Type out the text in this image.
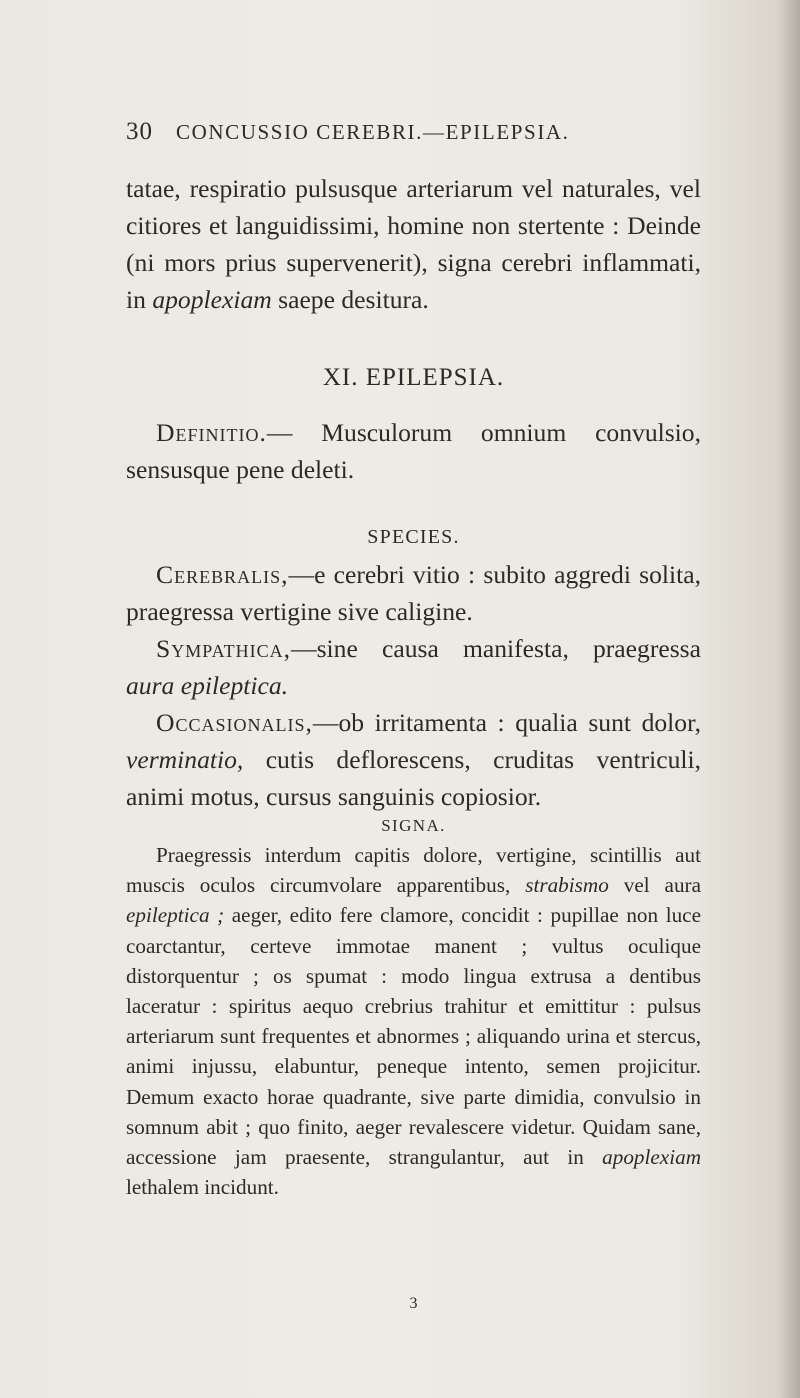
30 CONCUSSIO CEREBRI.—EPILEPSIA.

tatae, respiratio pulsusque arteriarum vel naturales, vel citiores et languidissimi, homine non stertente : Deinde (ni mors prius supervenerit), signa cerebri inflammati, in apoplexiam saepe desitura.

XI. EPILEPSIA.

Definitio.— Musculorum omnium convulsio, sensusque pene deleti.

SPECIES.

Cerebralis,—e cerebri vitio : subito aggredi solita, praegressa vertigine sive caligine.

Sympathica,—sine causa manifesta, praegressa aura epileptica.

Occasionalis,—ob irritamenta : qualia sunt dolor, verminatio, cutis deflorescens, cruditas ventriculi, animi motus, cursus sanguinis copiosior.

SIGNA.

Praegressis interdum capitis dolore, vertigine, scintillis aut muscis oculos circumvolare apparentibus, strabismo vel aura epileptica ; aeger, edito fere clamore, concidit : pupillae non luce coarctantur, certeve immotae manent ; vultus oculique distorquentur ; os spumat : modo lingua extrusa a dentibus laceratur : spiritus aequo crebrius trahitur et emittitur : pulsus arteriarum sunt frequentes et abnormes ; aliquando urina et stercus, animi injussu, elabuntur, peneque intento, semen projicitur. Demum exacto horae quadrante, sive parte dimidia, convulsio in somnum abit ; quo finito, aeger revalescere videtur. Quidam sane, accessione jam praesente, strangulantur, aut in apoplexiam lethalem incidunt.

3
